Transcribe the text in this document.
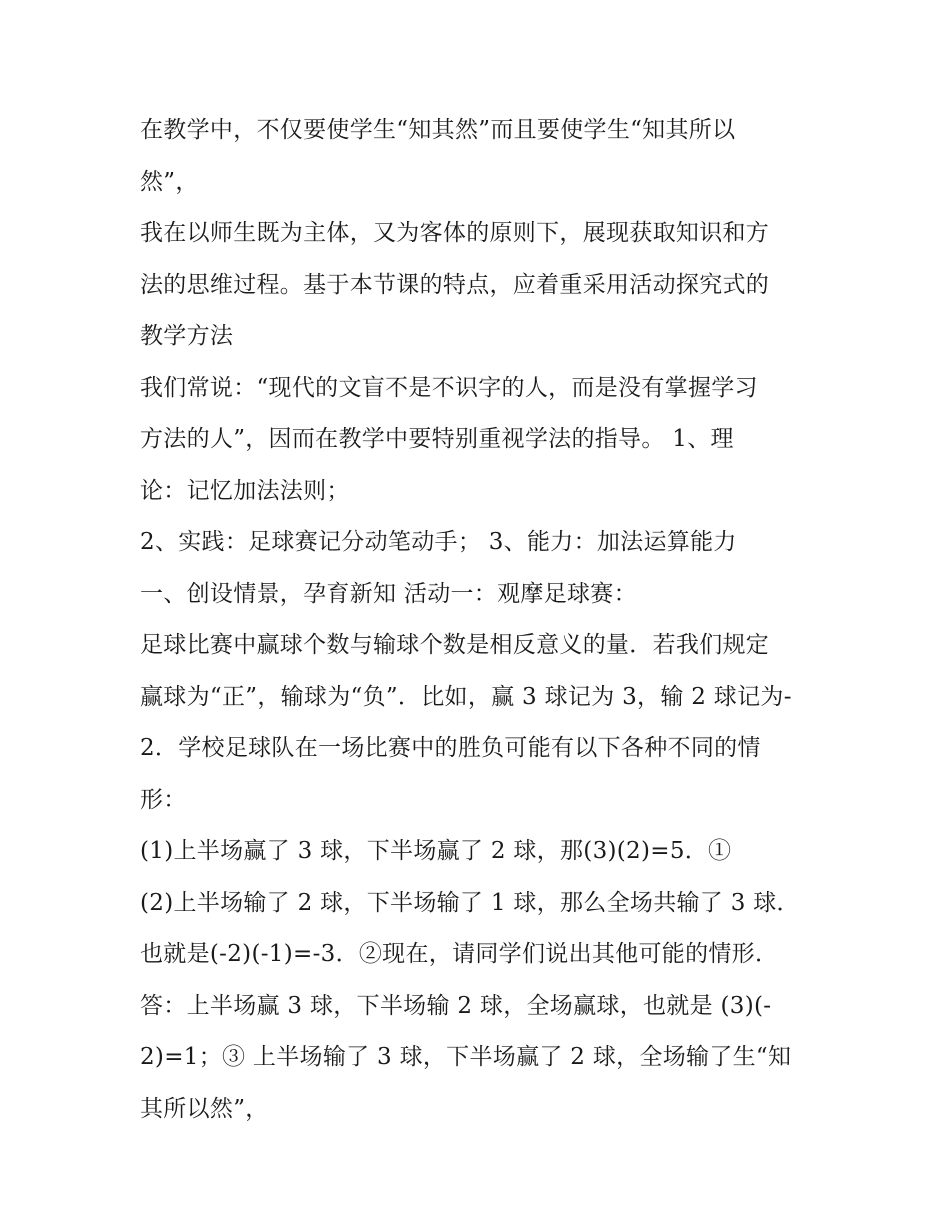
在教学中，不仅要使学生“知其然”而且要使学生“知其所以
然”，
我在以师生既为主体，又为客体的原则下，展现获取知识和方
法的思维过程。基于本节课的特点，应着重采用活动探究式的
教学方法
我们常说：“现代的文盲不是不识字的人，而是没有掌握学习
方法的人”，因而在教学中要特别重视学法的指导。 1、理
论：记忆加法法则；
2、实践：足球赛记分动笔动手； 3、能力：加法运算能力
一、创设情景，孕育新知 活动一：观摩足球赛：
足球比赛中赢球个数与输球个数是相反意义的量．若我们规定
赢球为“正”，输球为“负”．比如，赢 3 球记为 3，输 2 球记为-
2．学校足球队在一场比赛中的胜负可能有以下各种不同的情
形：
(1)上半场赢了 3 球，下半场赢了 2 球，那(3)(2)=5．①
(2)上半场输了 2 球，下半场输了 1 球，那么全场共输了 3 球．
也就是(-2)(-1)=-3．②现在，请同学们说出其他可能的情形．
答：上半场赢 3 球，下半场输 2 球，全场赢球，也就是 (3)(-
2)=1；③ 上半场输了 3 球，下半场赢了 2 球，全场输了生“知
其所以然”，
